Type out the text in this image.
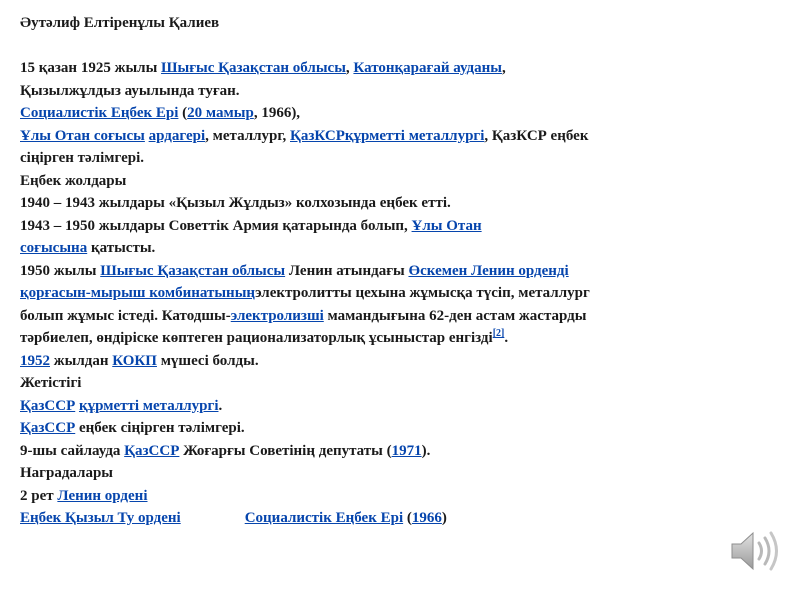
Әутәлиф Елтіренұлы Қалиев

15 қазан 1925 жылы Шығыс Қазақстан облысы, Катонқарағай ауданы,

Қызылжұлдыз ауылында туған.

Социалистік Еңбек Ері (20 мамыр, 1966),

Ұлы Отан соғысы ардагері, металлург, ҚазКСРқұрметті металлургі, ҚазКСР еңбек

сіңірген тәлімгері.

Еңбек жолдары

1940 – 1943 жылдары «Қызыл Жұлдыз» колхозында еңбек етті.

1943 – 1950 жылдары Советтік Армия қатарында болып, Ұлы Отан

соғысына қатысты.

1950 жылы Шығыс Қазақстан облысы Ленин атындағы Өскемен Ленин орденді

қорғасын-мырыш комбинатыныңэлектролитты цехына жұмысқа түсіп, металлург

болып жұмыс істеді. Катодшы-электролизші мамандығына 62-ден астам жастарды

тәрбиелеп, өндіріске көптеген рационализаторлық ұсыныстар енгізді[2].

1952 жылдан КОКП мүшесі болды.

Жетістігі

ҚазССР құрметті металлургі.

ҚазССР еңбек сіңірген тәлімгері.

9-шы сайлауда ҚазССР Жоғарғы Советінің депутаты (1971).

Наградалары

2 рет Ленин ордені

Еңбек Қызыл Ту ордені	Социалистік Еңбек Ері (1966)
